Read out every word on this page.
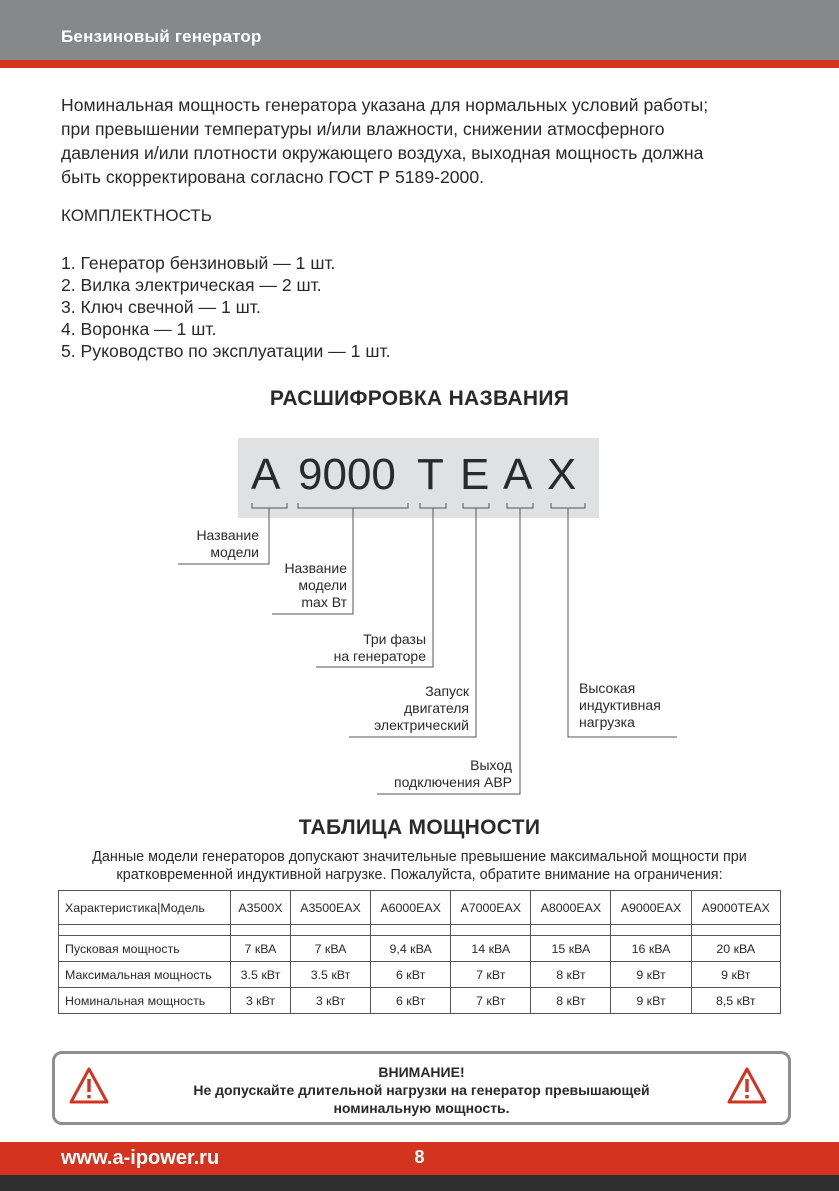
Бензиновый генератор
Номинальная мощность генератора указана для нормальных условий работы;
при превышении температуры и/или влажности, снижении атмосферного
давления и/или плотности окружающего воздуха, выходная мощность должна
быть скорректирована согласно ГОСТ Р 5189-2000.
КОМПЛЕКТНОСТЬ
1. Генератор бензиновый — 1 шт.
2. Вилка электрическая — 2 шт.
3. Ключ свечной — 1 шт.
4. Воронка — 1 шт.
5. Руководство по эксплуатации — 1 шт.
РАСШИФРОВКА НАЗВАНИЯ
A 9000 T E A X
Название
модели
Название
модели
max Вт
Три фазы
на генераторе
Запуск
двигателя
электрический
Выход
подключения АВР
Высокая
индуктивная
нагрузка
ТАБЛИЦА МОЩНОСТИ
Данные модели генераторов допускают значительные превышение максимальной мощности при
кратковременной индуктивной нагрузке. Пожалуйста, обратите внимание на ограничения:
Характеристика|Модель	A3500X	A3500EAX	A6000EAX	A7000EAX	A8000EAX	A9000EAX	A9000TEAX

Пусковая мощность	7 кВА	7 кВА	9,4 кВА	14 кВА	15 кВА	16 кВА	20 кВА
Максимальная мощность	3.5 кВт	3.5 кВт	6 кВт	7 кВт	8 кВт	9 кВт	9 кВт
Номинальная мощность	3 кВт	3 кВт	6 кВт	7 кВт	8 кВт	9 кВт	8,5 кВт
ВНИМАНИЕ!
Не допускайте длительной нагрузки на генератор превышающей
номинальную мощность.
www.a-ipower.ru	8
